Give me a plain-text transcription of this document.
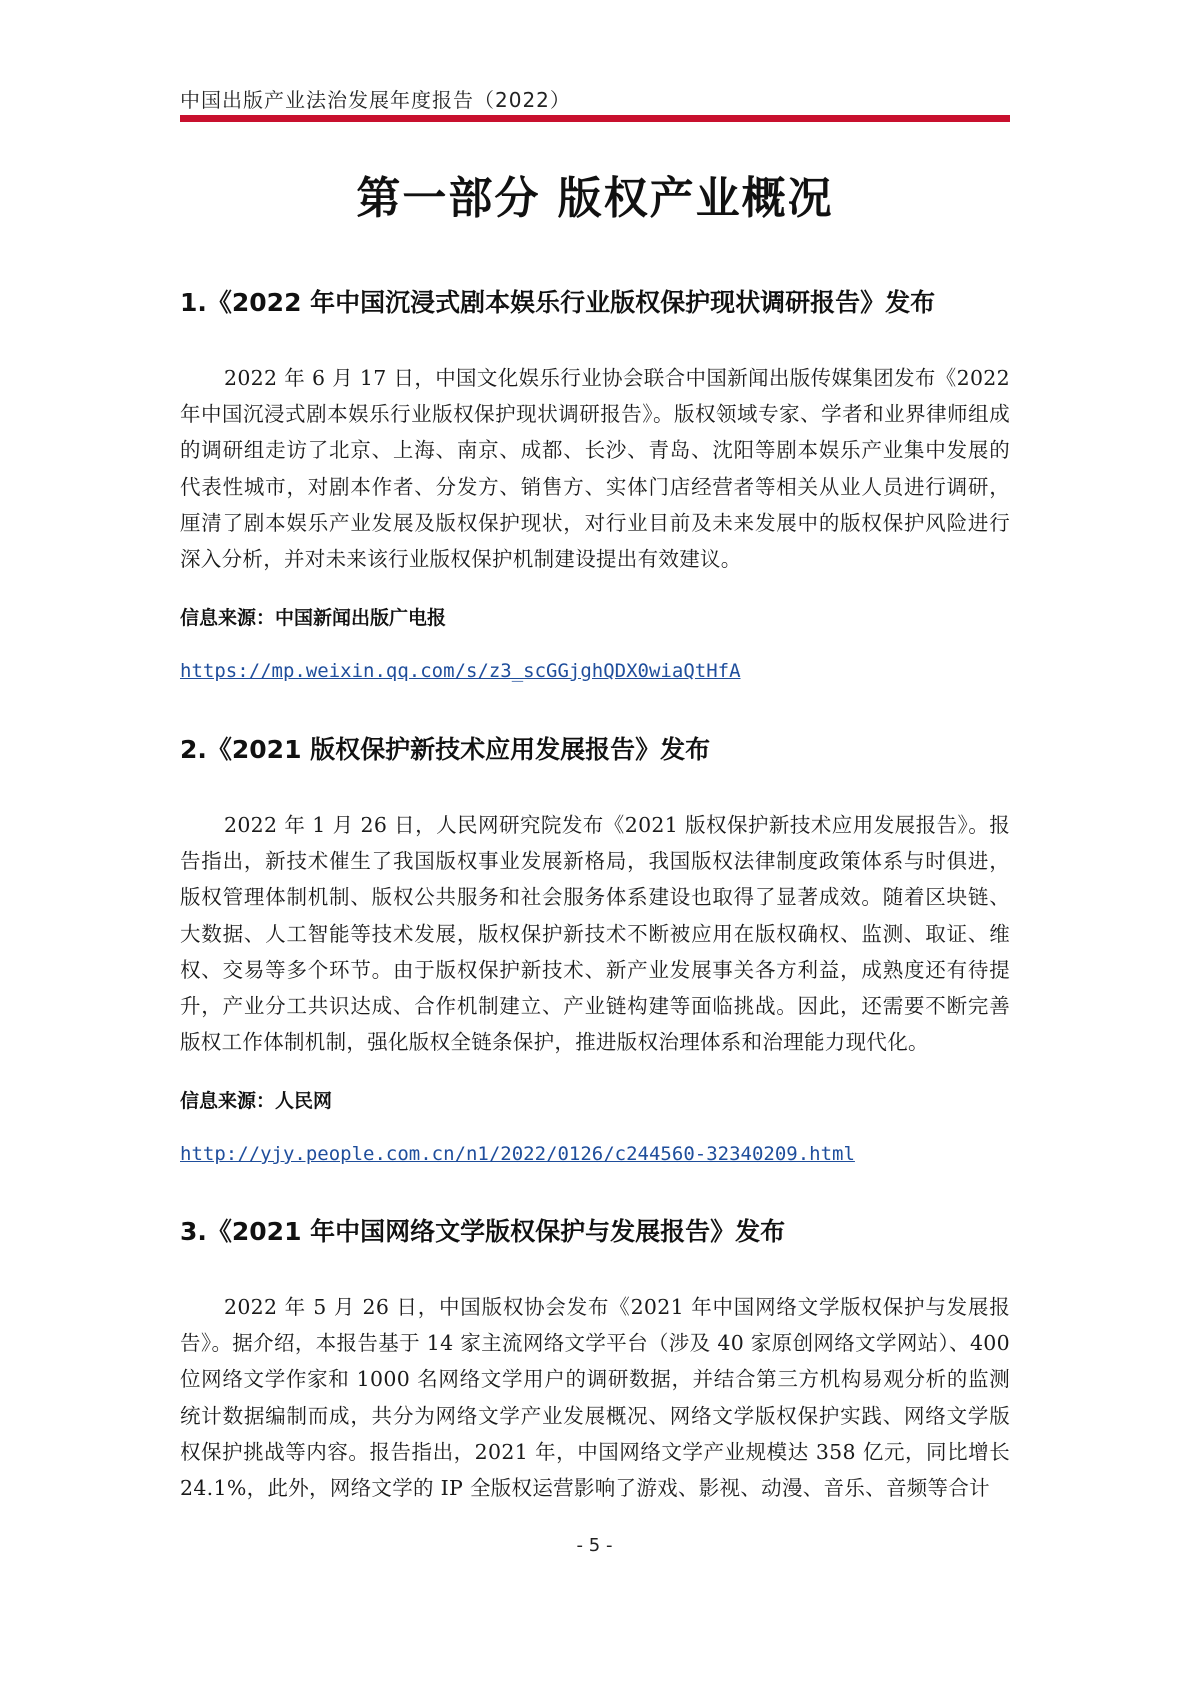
中国出版产业法治发展年度报告（2022）
第一部分 版权产业概况
1.《2022 年中国沉浸式剧本娱乐行业版权保护现状调研报告》发布

2022 年 6 月 17 日，中国文化娱乐行业协会联合中国新闻出版传媒集团发布《2022 年中国沉浸式剧本娱乐行业版权保护现状调研报告》。版权领域专家、学者和业界律师组成的调研组走访了北京、上海、南京、成都、长沙、青岛、沈阳等剧本娱乐产业集中发展的代表性城市，对剧本作者、分发方、销售方、实体门店经营者等相关从业人员进行调研，厘清了剧本娱乐产业发展及版权保护现状，对行业目前及未来发展中的版权保护风险进行深入分析，并对未来该行业版权保护机制建设提出有效建议。

信息来源：中国新闻出版广电报

https://mp.weixin.qq.com/s/z3_scGGjghQDX0wiaQtHfA
2.《2021 版权保护新技术应用发展报告》发布

2022 年 1 月 26 日，人民网研究院发布《2021 版权保护新技术应用发展报告》。报告指出，新技术催生了我国版权事业发展新格局，我国版权法律制度政策体系与时俱进，版权管理体制机制、版权公共服务和社会服务体系建设也取得了显著成效。随着区块链、大数据、人工智能等技术发展，版权保护新技术不断被应用在版权确权、监测、取证、维权、交易等多个环节。由于版权保护新技术、新产业发展事关各方利益，成熟度还有待提升，产业分工共识达成、合作机制建立、产业链构建等面临挑战。因此，还需要不断完善版权工作体制机制，强化版权全链条保护，推进版权治理体系和治理能力现代化。

信息来源：人民网

http://yjy.people.com.cn/n1/2022/0126/c244560-32340209.html
3.《2021 年中国网络文学版权保护与发展报告》发布

2022 年 5 月 26 日，中国版权协会发布《2021 年中国网络文学版权保护与发展报告》。据介绍，本报告基于 14 家主流网络文学平台（涉及 40 家原创网络文学网站）、400 位网络文学作家和 1000 名网络文学用户的调研数据，并结合第三方机构易观分析的监测统计数据编制而成，共分为网络文学产业发展概况、网络文学版权保护实践、网络文学版权保护挑战等内容。报告指出，2021 年，中国网络文学产业规模达 358 亿元，同比增长 24.1%，此外，网络文学的 IP 全版权运营影响了游戏、影视、动漫、音乐、音频等合计

- 5 -
